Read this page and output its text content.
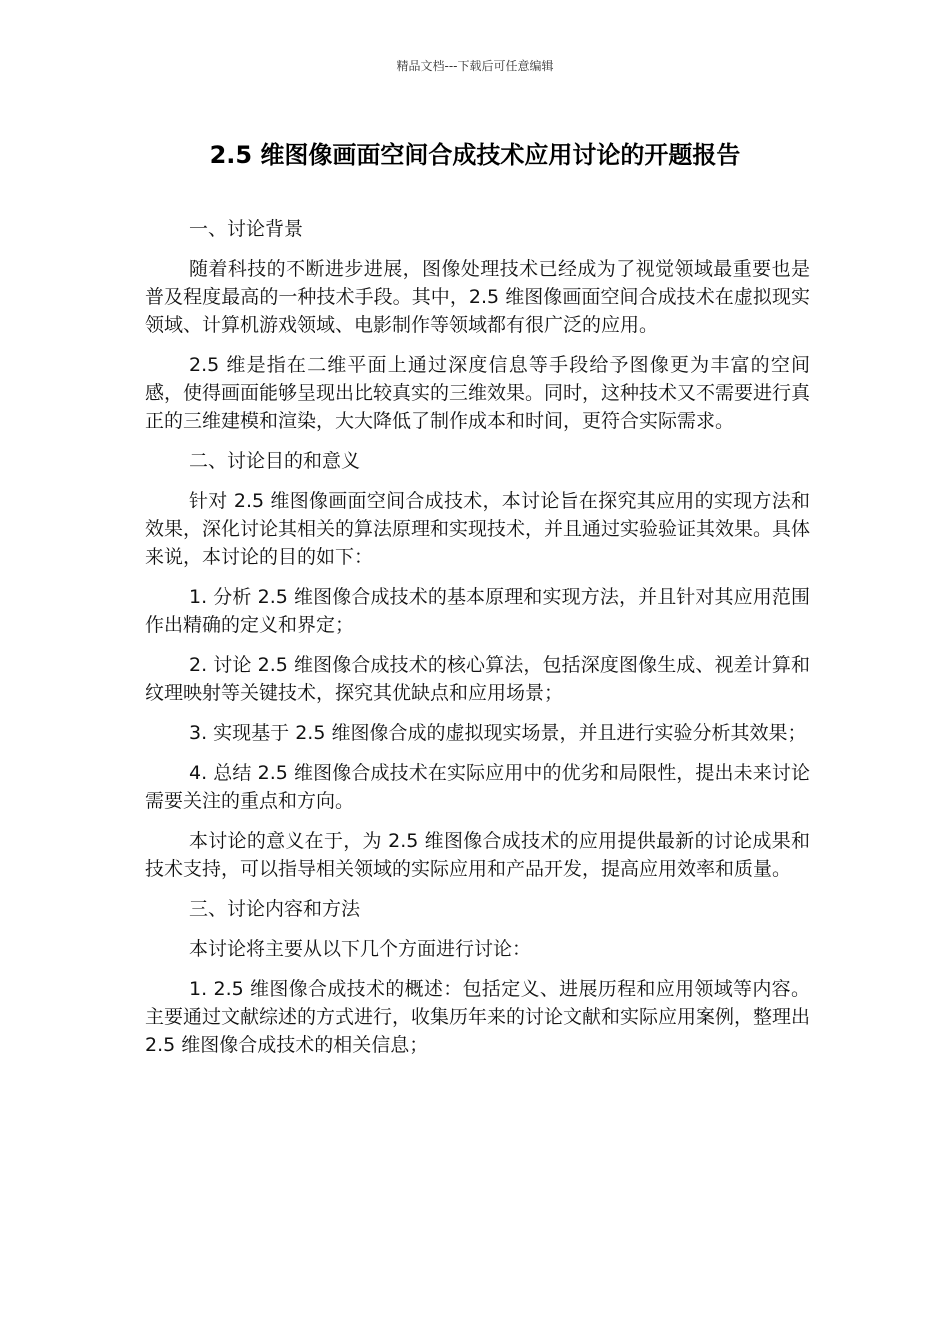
精品文档---下载后可任意编辑
2.5 维图像画面空间合成技术应用讨论的开题报告

一、讨论背景

随着科技的不断进步进展，图像处理技术已经成为了视觉领域最重要也是普及程度最高的一种技术手段。其中，2.5 维图像画面空间合成技术在虚拟现实领域、计算机游戏领域、电影制作等领域都有很广泛的应用。

2.5 维是指在二维平面上通过深度信息等手段给予图像更为丰富的空间感，使得画面能够呈现出比较真实的三维效果。同时，这种技术又不需要进行真正的三维建模和渲染，大大降低了制作成本和时间，更符合实际需求。

二、讨论目的和意义

针对 2.5 维图像画面空间合成技术，本讨论旨在探究其应用的实现方法和效果，深化讨论其相关的算法原理和实现技术，并且通过实验验证其效果。具体来说，本讨论的目的如下：

1. 分析 2.5 维图像合成技术的基本原理和实现方法，并且针对其应用范围作出精确的定义和界定；

2. 讨论 2.5 维图像合成技术的核心算法，包括深度图像生成、视差计算和纹理映射等关键技术，探究其优缺点和应用场景；

3. 实现基于 2.5 维图像合成的虚拟现实场景，并且进行实验分析其效果；

4. 总结 2.5 维图像合成技术在实际应用中的优劣和局限性，提出未来讨论需要关注的重点和方向。

本讨论的意义在于，为 2.5 维图像合成技术的应用提供最新的讨论成果和技术支持，可以指导相关领域的实际应用和产品开发，提高应用效率和质量。

三、讨论内容和方法

本讨论将主要从以下几个方面进行讨论：

1. 2.5 维图像合成技术的概述：包括定义、进展历程和应用领域等内容。主要通过文献综述的方式进行，收集历年来的讨论文献和实际应用案例，整理出 2.5 维图像合成技术的相关信息；
